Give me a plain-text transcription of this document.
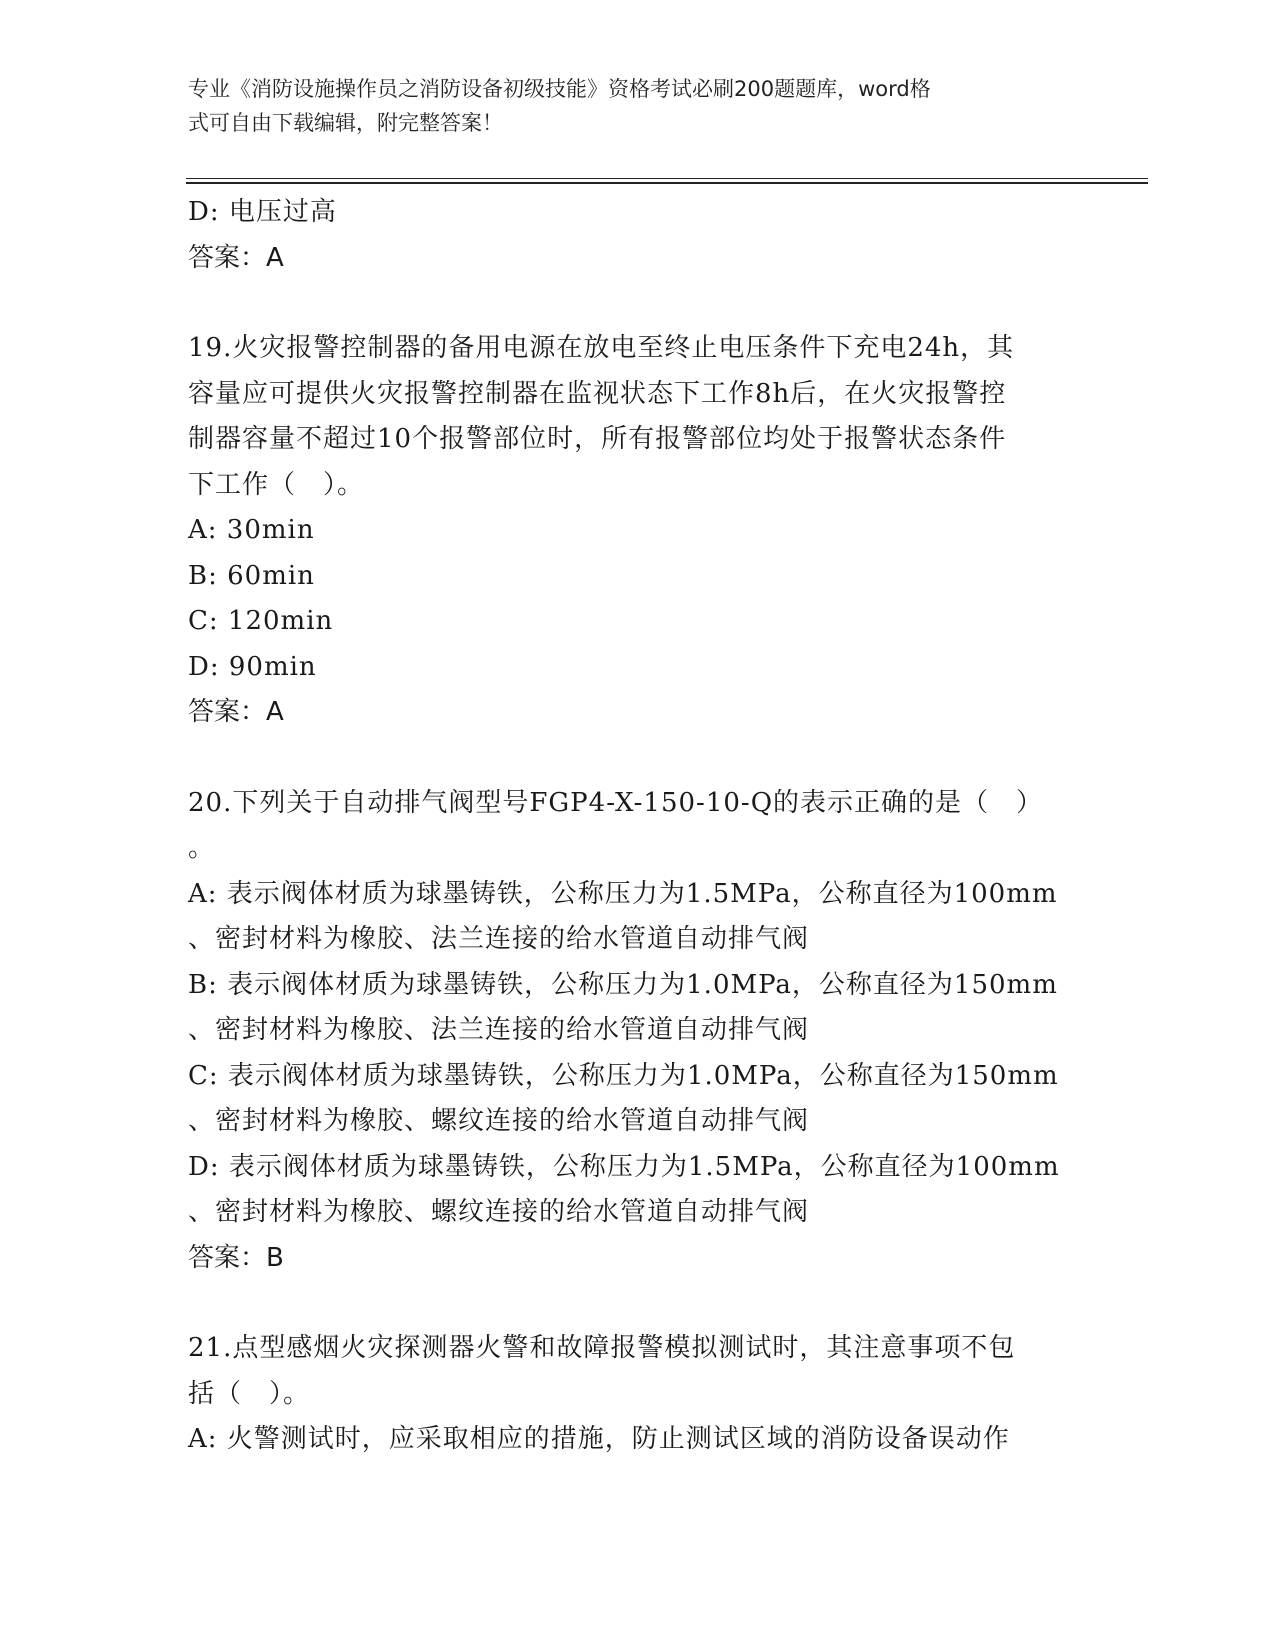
专业《消防设施操作员之消防设备初级技能》资格考试必刷200题题库，word格
式可自由下载编辑，附完整答案！
D: 电压过高
答案：A
19.火灾报警控制器的备用电源在放电至终止电压条件下充电24h，其
容量应可提供火灾报警控制器在监视状态下工作8h后，在火灾报警控
制器容量不超过10个报警部位时，所有报警部位均处于报警状态条件
下工作（　）。
A: 30min
B: 60min
C: 120min
D: 90min
答案：A
20.下列关于自动排气阀型号FGP4-X-150-10-Q的表示正确的是（　）
。
A: 表示阀体材质为球墨铸铁，公称压力为1.5MPa，公称直径为100mm
、密封材料为橡胶、法兰连接的给水管道自动排气阀
B: 表示阀体材质为球墨铸铁，公称压力为1.0MPa，公称直径为150mm
、密封材料为橡胶、法兰连接的给水管道自动排气阀
C: 表示阀体材质为球墨铸铁，公称压力为1.0MPa，公称直径为150mm
、密封材料为橡胶、螺纹连接的给水管道自动排气阀
D: 表示阀体材质为球墨铸铁，公称压力为1.5MPa，公称直径为100mm
、密封材料为橡胶、螺纹连接的给水管道自动排气阀
答案：B
21.点型感烟火灾探测器火警和故障报警模拟测试时，其注意事项不包
括（　）。
A: 火警测试时，应采取相应的措施，防止测试区域的消防设备误动作
